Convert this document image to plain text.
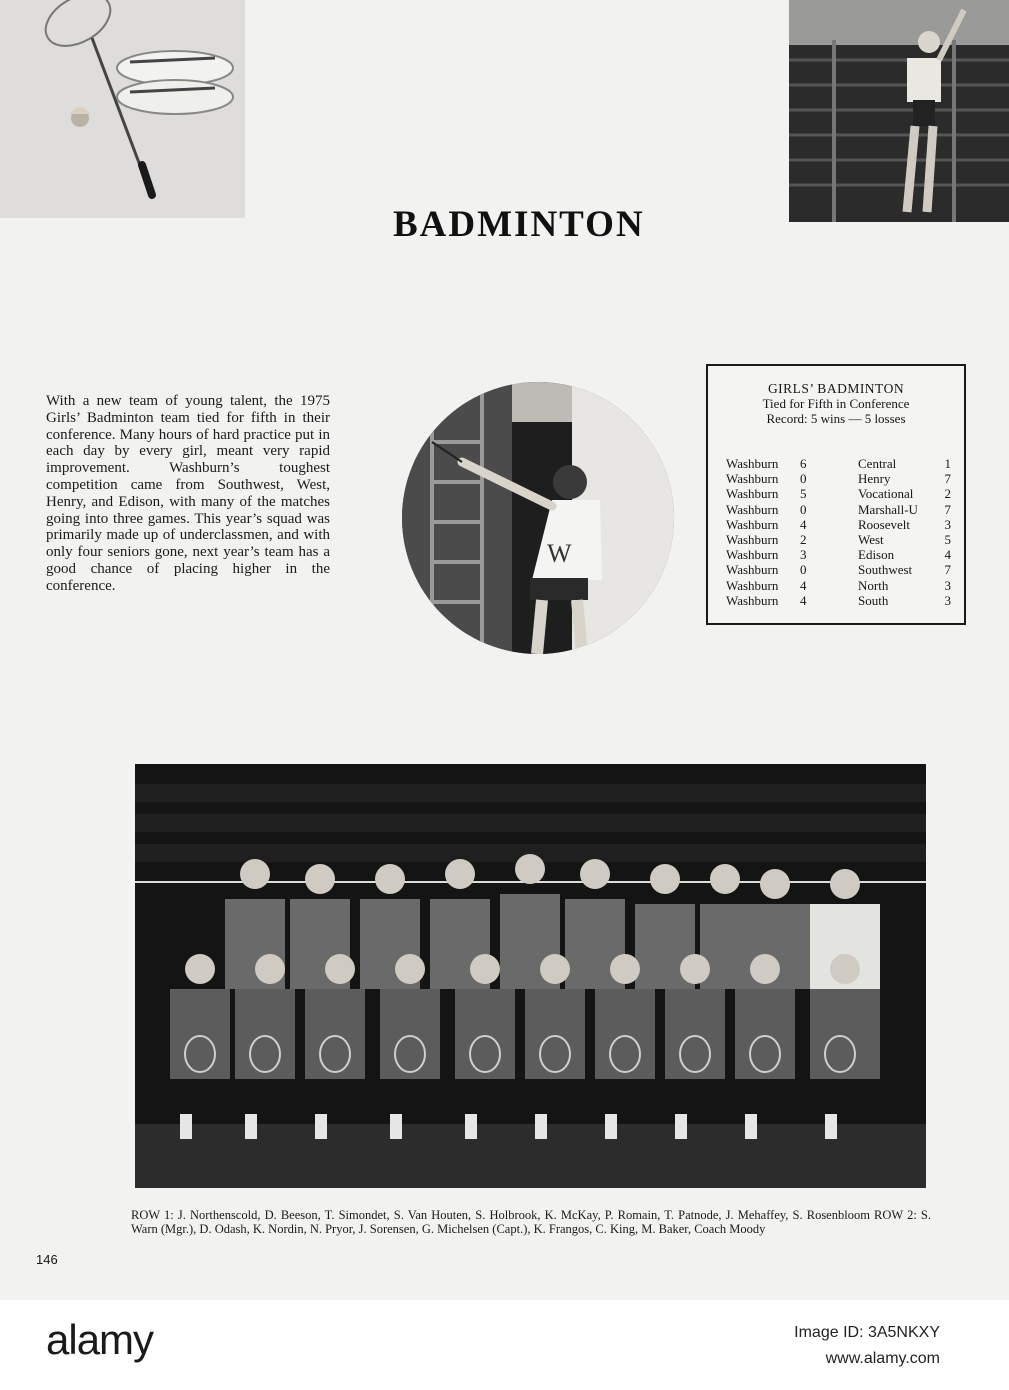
BADMINTON

With a new team of young talent, the 1975 Girls’ Badminton team tied for fifth in their conference. Many hours of hard practice put in each day by every girl, meant very rapid improvement. Washburn’s toughest competition came from Southwest, West, Henry, and Edison, with many of the matches going into three games. This year’s squad was primarily made up of underclassmen, and with only four seniors gone, next year’s team has a good chance of placing higher in the conference.

W
GIRLS’ BADMINTON
Tied for Fifth in Conference
Record: 5 wins — 5 losses
Washburn 6	Central	1
Washburn 0	Henry	7
Washburn 5	Vocational 2
Washburn 0	Marshall-U 7
Washburn 4	Roosevelt	3
Washburn 2	West	5
Washburn 3	Edison	4
Washburn 0	Southwest 7
Washburn 4	North	3
Washburn 4	South	3

ROW 1: J. Northenscold, D. Beeson, T. Simondet, S. Van Houten, S. Holbrook, K. McKay, P. Romain, T. Patnode, J. Mehaffey, S. Rosenbloom ROW 2: S. Warn (Mgr.), D. Odash, K. Nordin, N. Pryor, J. Sorensen, G. Michelsen (Capt.), K. Frangos, C. King, M. Baker, Coach Moody

146
alamy	Image ID: 3A5NKXY
www.alamy.com
